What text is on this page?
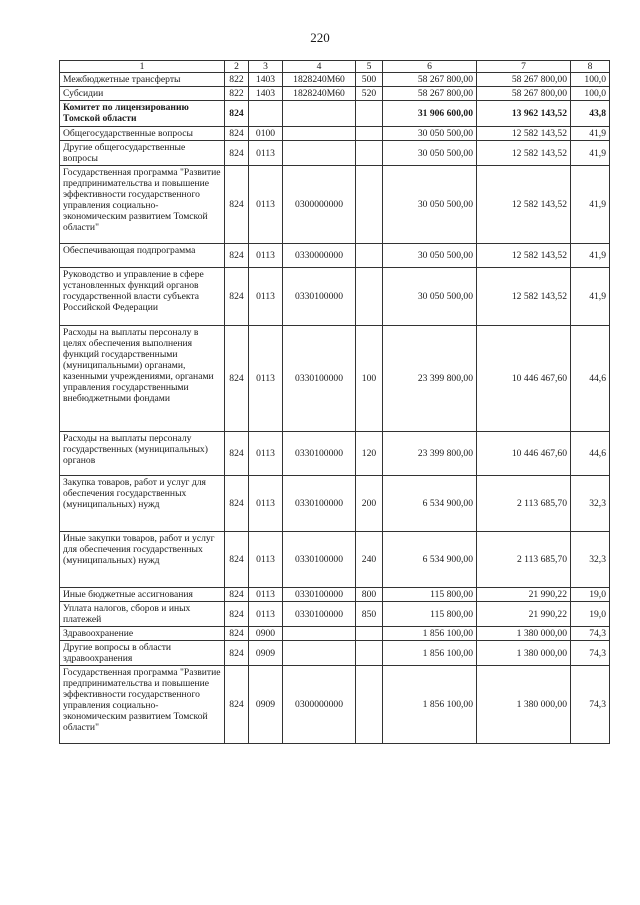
220
1	2	3	4	5	6	7	8
Межбюджетные трансферты	822	1403	1828240М60	500	58 267 800,00	58 267 800,00	100,0
Субсидии	822	1403	1828240М60	520	58 267 800,00	58 267 800,00	100,0
Комитет по лицензированию Томской области	824				31 906 600,00	13 962 143,52	43,8
Общегосударственные вопросы	824	0100			30 050 500,00	12 582 143,52	41,9
Другие общегосударственные вопросы	824	0113			30 050 500,00	12 582 143,52	41,9
Государственная программа "Развитие предпринимательства и повышение эффективности государственного управления социально-экономическим развитием Томской области"	824	0113	0300000000		30 050 500,00	12 582 143,52	41,9
Обеспечивающая подпрограмма	824	0113	0330000000		30 050 500,00	12 582 143,52	41,9
Руководство и управление в сфере установленных функций органов государственной власти субъекта Российской Федерации	824	0113	0330100000		30 050 500,00	12 582 143,52	41,9
Расходы на выплаты персоналу в целях обеспечения выполнения функций государственными (муниципальными) органами, казенными учреждениями, органами управления государственными внебюджетными фондами	824	0113	0330100000	100	23 399 800,00	10 446 467,60	44,6
Расходы на выплаты персоналу государственных (муниципальных) органов	824	0113	0330100000	120	23 399 800,00	10 446 467,60	44,6
Закупка товаров, работ и услуг для обеспечения государственных (муниципальных) нужд	824	0113	0330100000	200	6 534 900,00	2 113 685,70	32,3
Иные закупки товаров, работ и услуг для обеспечения государственных (муниципальных) нужд	824	0113	0330100000	240	6 534 900,00	2 113 685,70	32,3
Иные бюджетные ассигнования	824	0113	0330100000	800	115 800,00	21 990,22	19,0
Уплата налогов, сборов и иных платежей	824	0113	0330100000	850	115 800,00	21 990,22	19,0
Здравоохранение	824	0900			1 856 100,00	1 380 000,00	74,3
Другие вопросы в области здравоохранения	824	0909			1 856 100,00	1 380 000,00	74,3
Государственная программа "Развитие предпринимательства и повышение эффективности государственного управления социально-экономическим развитием Томской области"	824	0909	0300000000		1 856 100,00	1 380 000,00	74,3
